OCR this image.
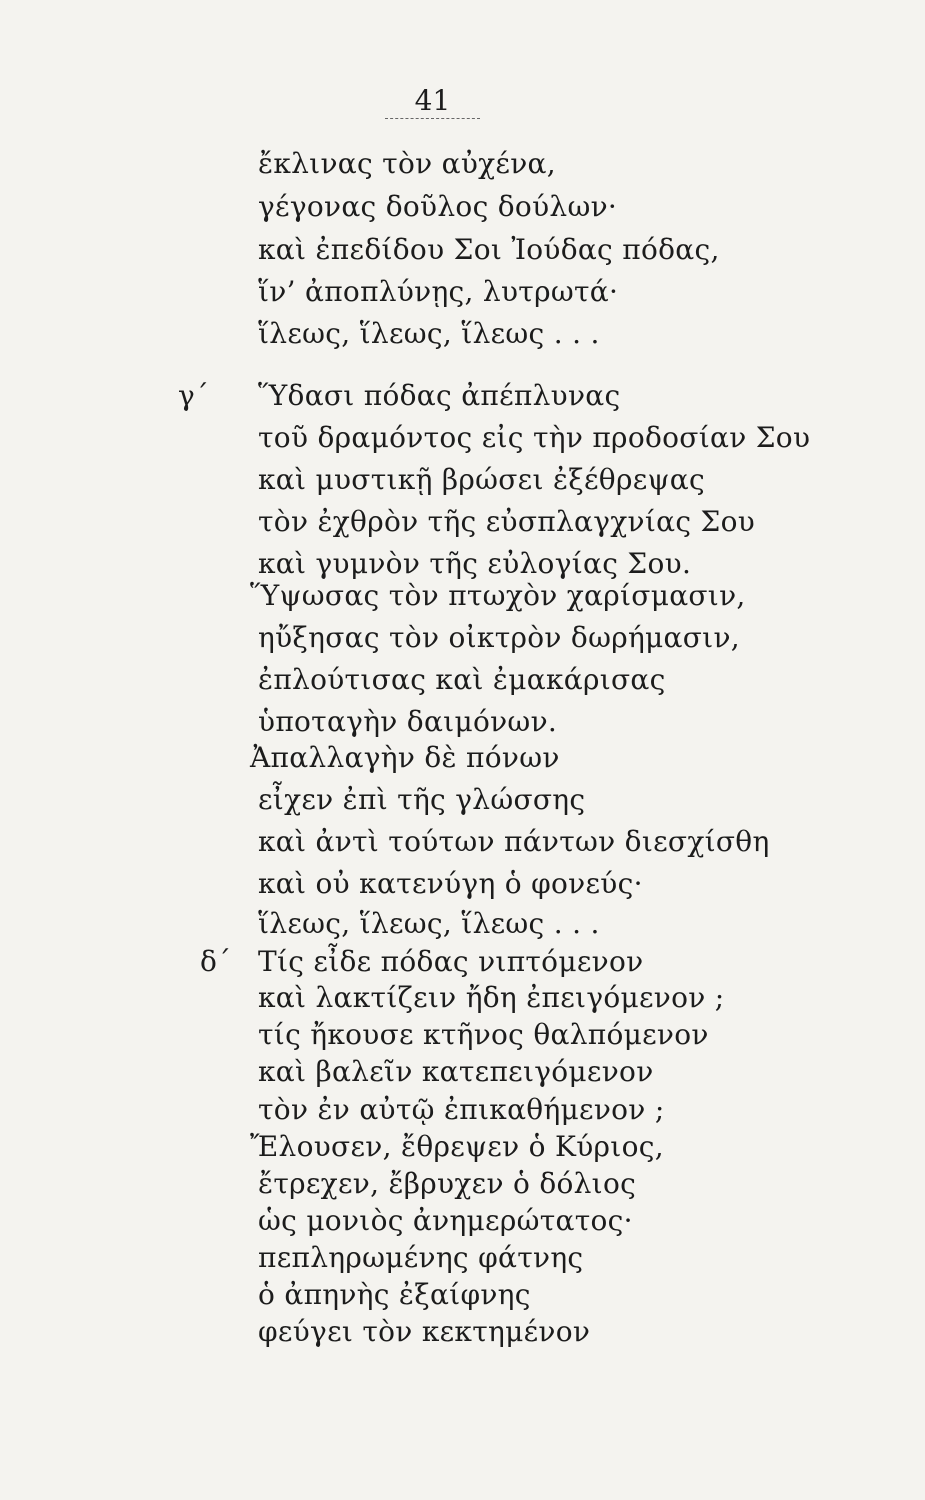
41
ἔκλινας τὸν αὐχένα,
γέγονας δοῦλος δούλων·
καὶ ἐπεδίδου Σοι Ἰούδας πόδας,
ἵν’ ἀποπλύνῃς, λυτρωτά·
ἵλεως, ἵλεως, ἵλεως . . .
γ΄ Ὕδασι πόδας ἀπέπλυνας
τοῦ δραμόντος εἰς τὴν προδοσίαν Σου
καὶ μυστικῇ βρώσει ἐξέθρεψας
τὸν ἐχθρὸν τῆς εὐσπλαγχνίας Σου
καὶ γυμνὸν τῆς εὐλογίας Σου.
Ὕψωσας τὸν πτωχὸν χαρίσμασιν,
ηὔξησας τὸν οἰκτρὸν δωρήμασιν,
ἐπλούτισας καὶ ἐμακάρισας
ὑποταγὴν δαιμόνων.
Ἀπαλλαγὴν δὲ πόνων
εἶχεν ἐπὶ τῆς γλώσσης
καὶ ἀντὶ τούτων πάντων διεσχίσθη
καὶ οὐ κατενύγη ὁ φονεύς·
ἵλεως, ἵλεως, ἵλεως . . .
δ΄ Τίς εἶδε πόδας νιπτόμενον
καὶ λακτίζειν ἤδη ἐπειγόμενον ;
τίς ἤκουσε κτῆνος θαλπόμενον
καὶ βαλεῖν κατεπειγόμενον
τὸν ἐν αὐτῷ ἐπικαθήμενον ;
Ἔλουσεν, ἔθρεψεν ὁ Κύριος,
ἔτρεχεν, ἔβρυχεν ὁ δόλιος
ὡς μονιὸς ἀνημερώτατος·
πεπληρωμένης φάτνης
ὁ ἀπηνὴς ἐξαίφνης
φεύγει τὸν κεκτημένον
